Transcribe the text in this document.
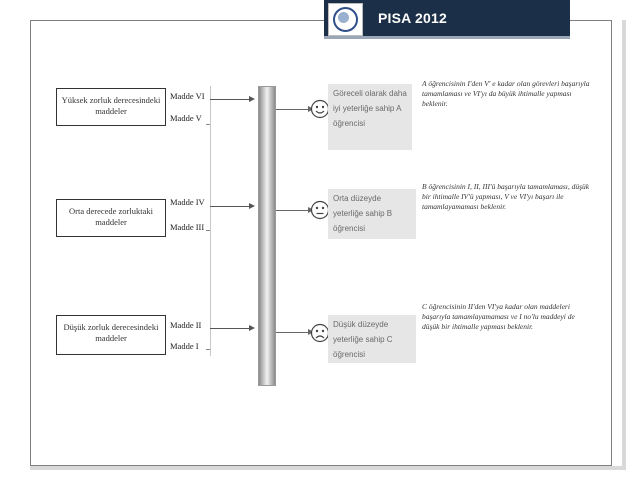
PISA 2012
Yüksek zorluk derecesindeki maddeler
Orta derecede zorluktaki maddeler
Düşük zorluk derecesindeki maddeler
Madde VI
Madde V
Madde IV
Madde III
Madde II
Madde I
Göreceli olarak daha iyi yeterliğe sahip A öğrencisi
Orta düzeyde yeterliğe sahip B öğrencisi
Düşük düzeyde yeterliğe sahip C öğrencisi
A öğrencisinin I'den V' e kadar olan görevleri başarıyla tamamlaması ve VI'yı da büyük ihtimalle yapması beklenir.
B öğrencisinin I, II, III'ü başarıyla tamamlaması, düşük bir ihtimalle IV'ü yapması, V ve VI'yı başarı ile tamamlayamaması beklenir.
C öğrencisinin II'den VI'ya kadar olan maddeleri başarıyla tamamlayamaması ve I no'lu maddeyi de düşük bir ihtimalle yapması beklenir.
